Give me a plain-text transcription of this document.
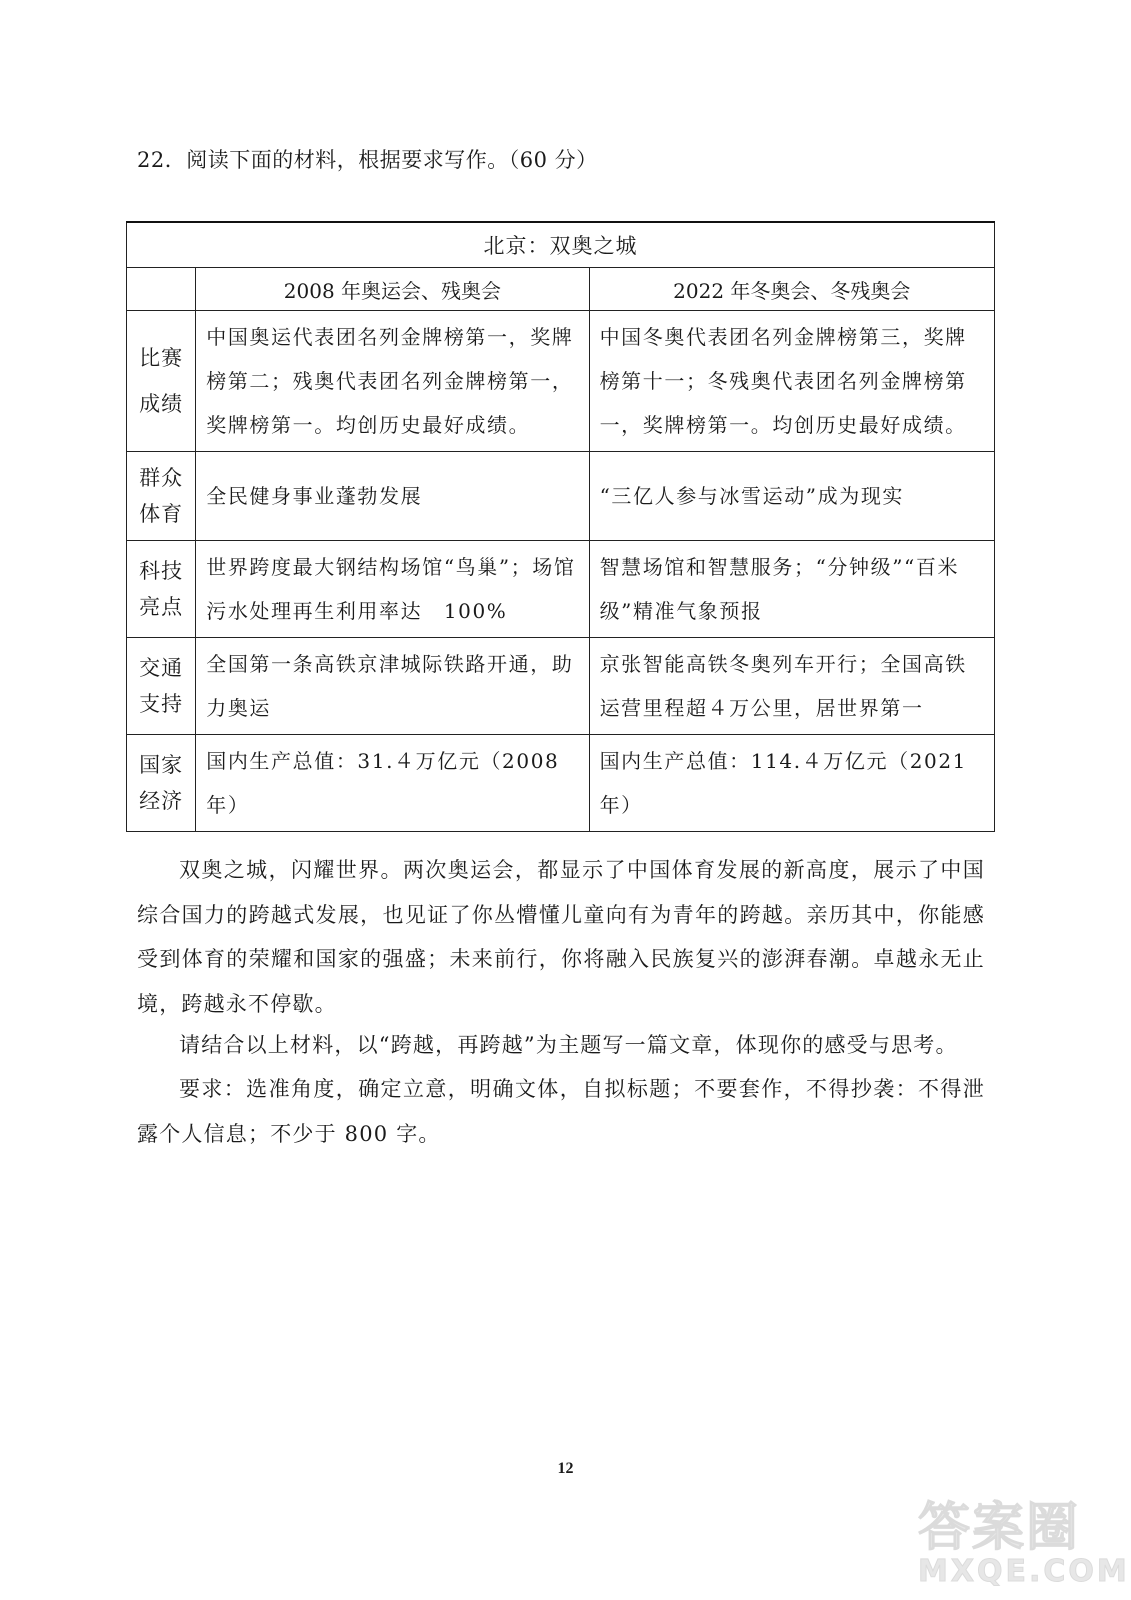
22．阅读下面的材料，根据要求写作。（60 分）
北京：双奥之城		
	2008 年奥运会、残奥会	2022 年冬奥会、冬残奥会

比赛
成绩	中国奥运代表团名列金牌榜第一，奖牌榜第二；残奥代表团名列金牌榜第一，奖牌榜第一。均创历史最好成绩。	中国冬奥代表团名列金牌榜第三，奖牌榜第十一；冬残奥代表团名列金牌榜第一，奖牌榜第一。均创历史最好成绩。

群众
体育	全民健身事业蓬勃发展	“三亿人参与冰雪运动”成为现实

科技
亮点	世界跨度最大钢结构场馆“鸟巢”；场馆污水处理再生利用率达　100%	智慧场馆和智慧服务；“分钟级”“百米级”精准气象预报

交通
支持	全国第一条高铁京津城际铁路开通，助力奥运	京张智能高铁冬奥列车开行；全国高铁运营里程超４万公里，居世界第一

国家
经济	国内生产总值：31.４万亿元（2008 年）	国内生产总值：114.４万亿元（2021 年）

双奥之城，闪耀世界。两次奥运会，都显示了中国体育发展的新高度，展示了中国综合国力的跨越式发展，也见证了你丛懵懂儿童向有为青年的跨越。亲历其中，你能感受到体育的荣耀和国家的强盛；未来前行，你将融入民族复兴的澎湃春潮。卓越永无止境，跨越永不停歇。

请结合以上材料，以“跨越，再跨越”为主题写一篇文章，体现你的感受与思考。

要求：选准角度，确定立意，明确文体，自拟标题；不要套作，不得抄袭：不得泄露个人信息；不少于 800 字。

12
答案圈
MXQE.COM
